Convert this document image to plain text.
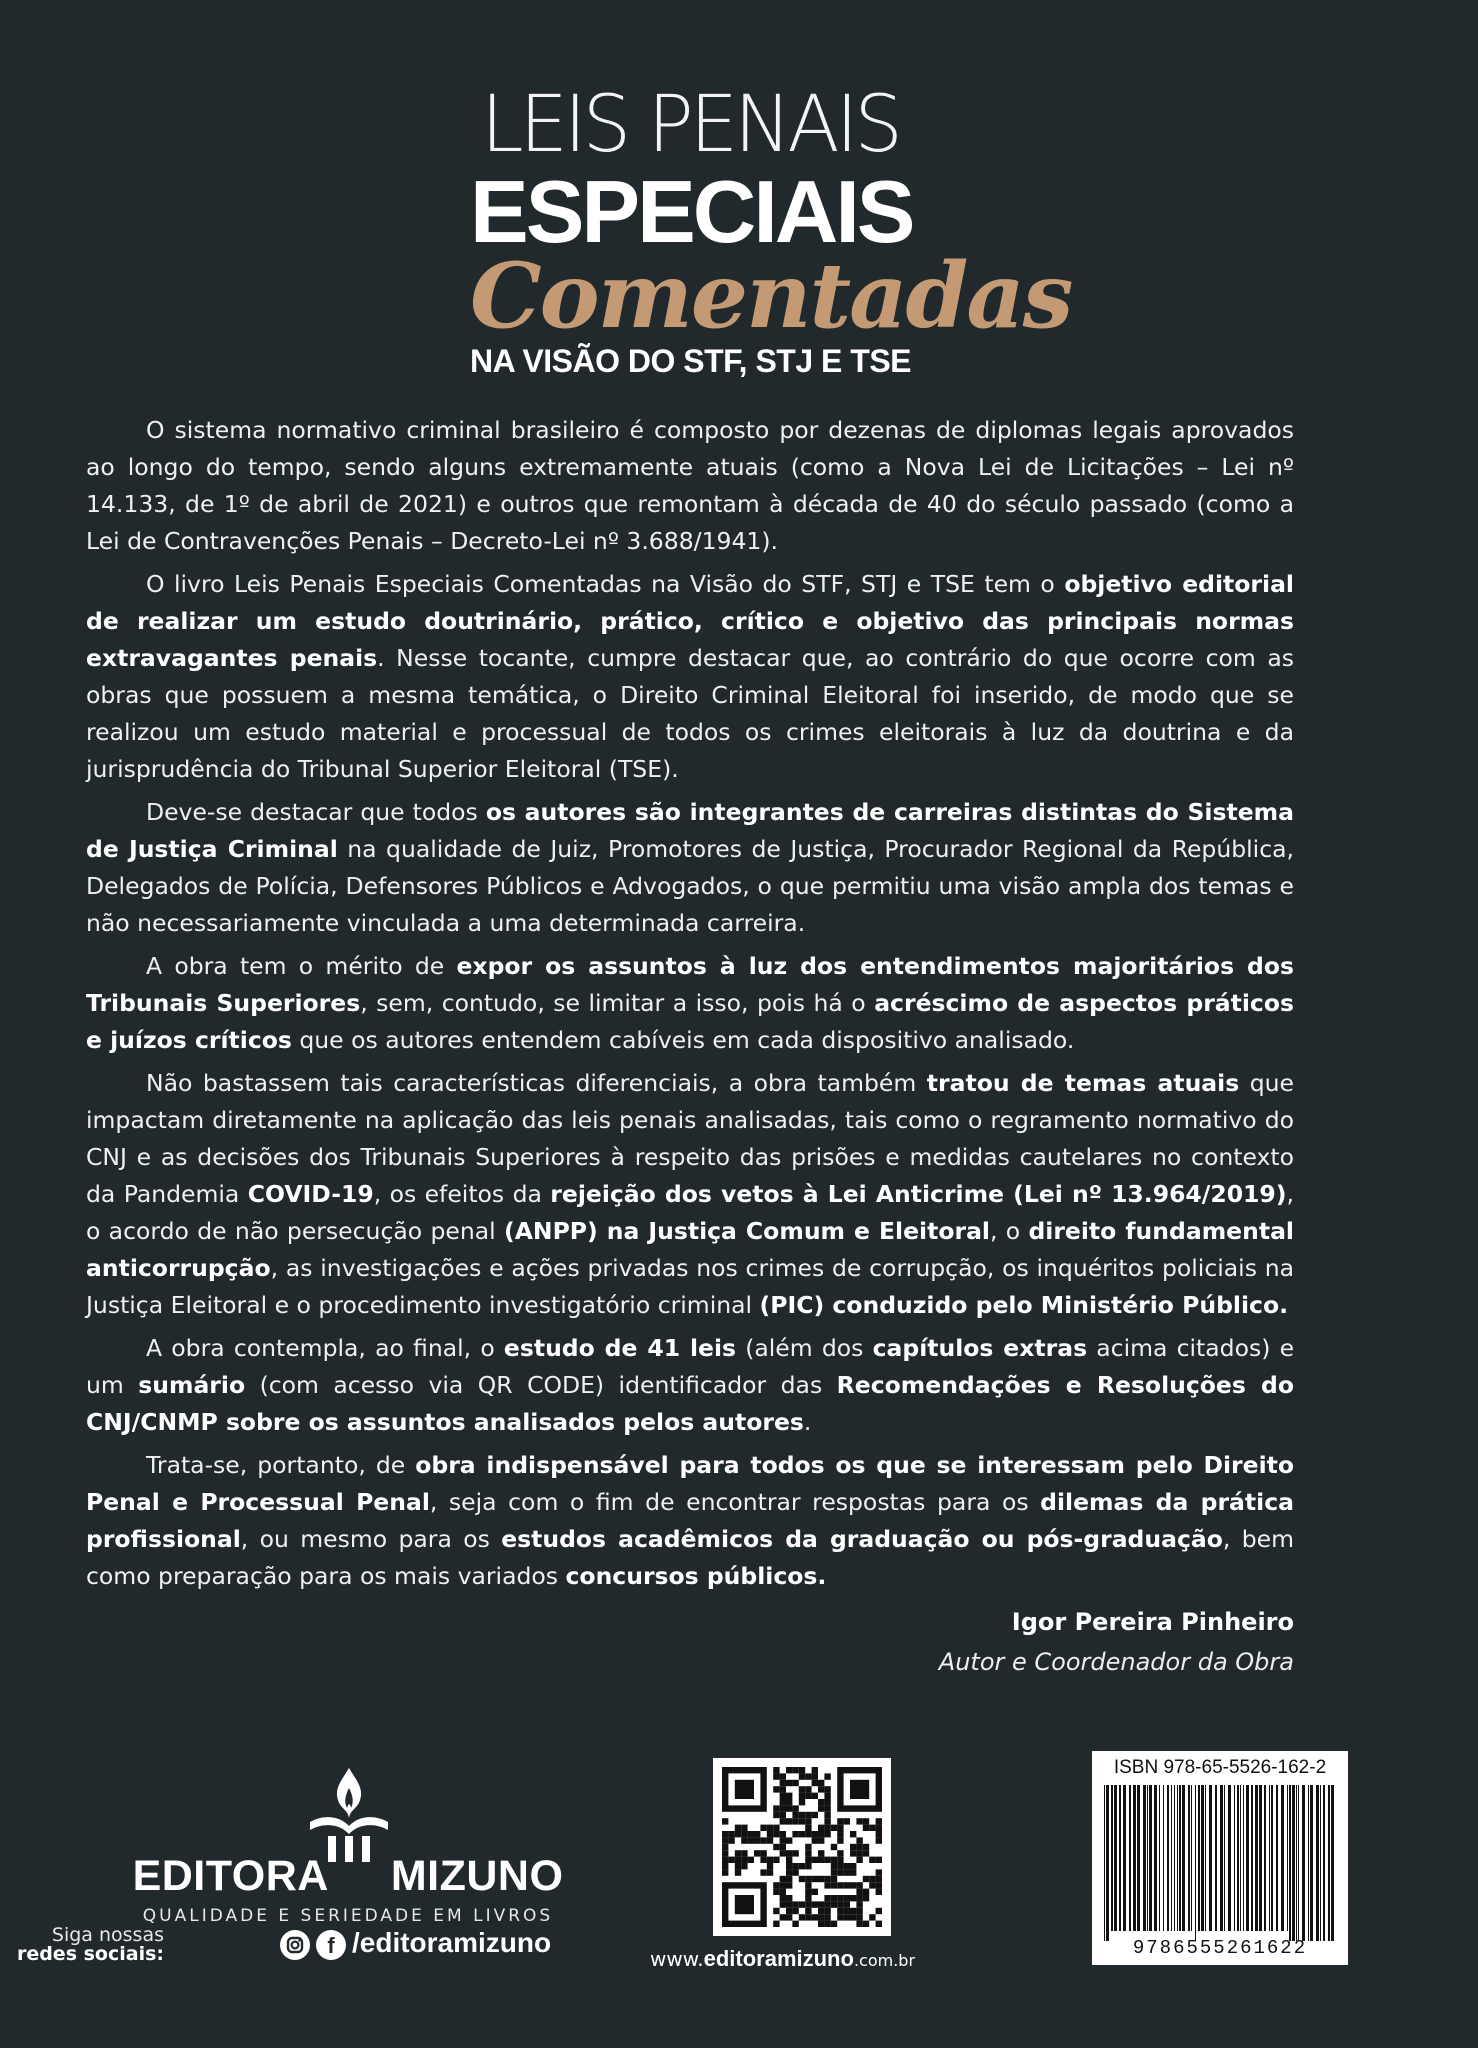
LEIS PENAIS
ESPECIAIS
Comentadas
NA VISÃO DO STF, STJ E TSE

O sistema normativo criminal brasileiro é composto por dezenas de diplomas legais aprovados ao longo do tempo, sendo alguns extremamente atuais (como a Nova Lei de Licitações – Lei nº 14.133, de 1º de abril de 2021) e outros que remontam à década de 40 do século passado (como a Lei de Contravenções Penais – Decreto-Lei nº 3.688/1941).

O livro Leis Penais Especiais Comentadas na Visão do STF, STJ e TSE tem o objetivo editorial de realizar um estudo doutrinário, prático, crítico e objetivo das principais normas extravagantes penais. Nesse tocante, cumpre destacar que, ao contrário do que ocorre com as obras que possuem a mesma temática, o Direito Criminal Eleitoral foi inserido, de modo que se realizou um estudo material e processual de todos os crimes eleitorais à luz da doutrina e da jurisprudência do Tribunal Superior Eleitoral (TSE).

Deve-se destacar que todos os autores são integrantes de carreiras distintas do Sistema de Justiça Criminal na qualidade de Juiz, Promotores de Justiça, Procurador Regional da República, Delegados de Polícia, Defensores Públicos e Advogados, o que permitiu uma visão ampla dos temas e não necessariamente vinculada a uma determinada carreira.

A obra tem o mérito de expor os assuntos à luz dos entendimentos majoritários dos Tribunais Superiores, sem, contudo, se limitar a isso, pois há o acréscimo de aspectos práticos e juízos críticos que os autores entendem cabíveis em cada dispositivo analisado.

Não bastassem tais características diferenciais, a obra também tratou de temas atuais que impactam diretamente na aplicação das leis penais analisadas, tais como o regramento normativo do CNJ e as decisões dos Tribunais Superiores à respeito das prisões e medidas cautelares no contexto da Pandemia COVID-19, os efeitos da rejeição dos vetos à Lei Anticrime (Lei nº 13.964/2019), o acordo de não persecução penal (ANPP) na Justiça Comum e Eleitoral, o direito fundamental anticorrupção, as investigações e ações privadas nos crimes de corrupção, os inquéritos policiais na Justiça Eleitoral e o procedimento investigatório criminal (PIC) conduzido pelo Ministério Público.

A obra contempla, ao final, o estudo de 41 leis (além dos capítulos extras acima citados) e um sumário (com acesso via QR CODE) identificador das Recomendações e Resoluções do CNJ/CNMP sobre os assuntos analisados pelos autores.

Trata-se, portanto, de obra indispensável para todos os que se interessam pelo Direito Penal e Processual Penal, seja com o fim de encontrar respostas para os dilemas da prática profissional, ou mesmo para os estudos acadêmicos da graduação ou pós-graduação, bem como preparação para os mais variados concursos públicos.

Igor Pereira Pinheiro
Autor e Coordenador da Obra
EDITORA MIZUNO
QUALIDADE E SERIEDADE EM LIVROS
Siga nossas
redes sociais:	f /editoramizuno
www.editoramizuno.com.br
ISBN 978-65-5526-162-2
9786555261622
